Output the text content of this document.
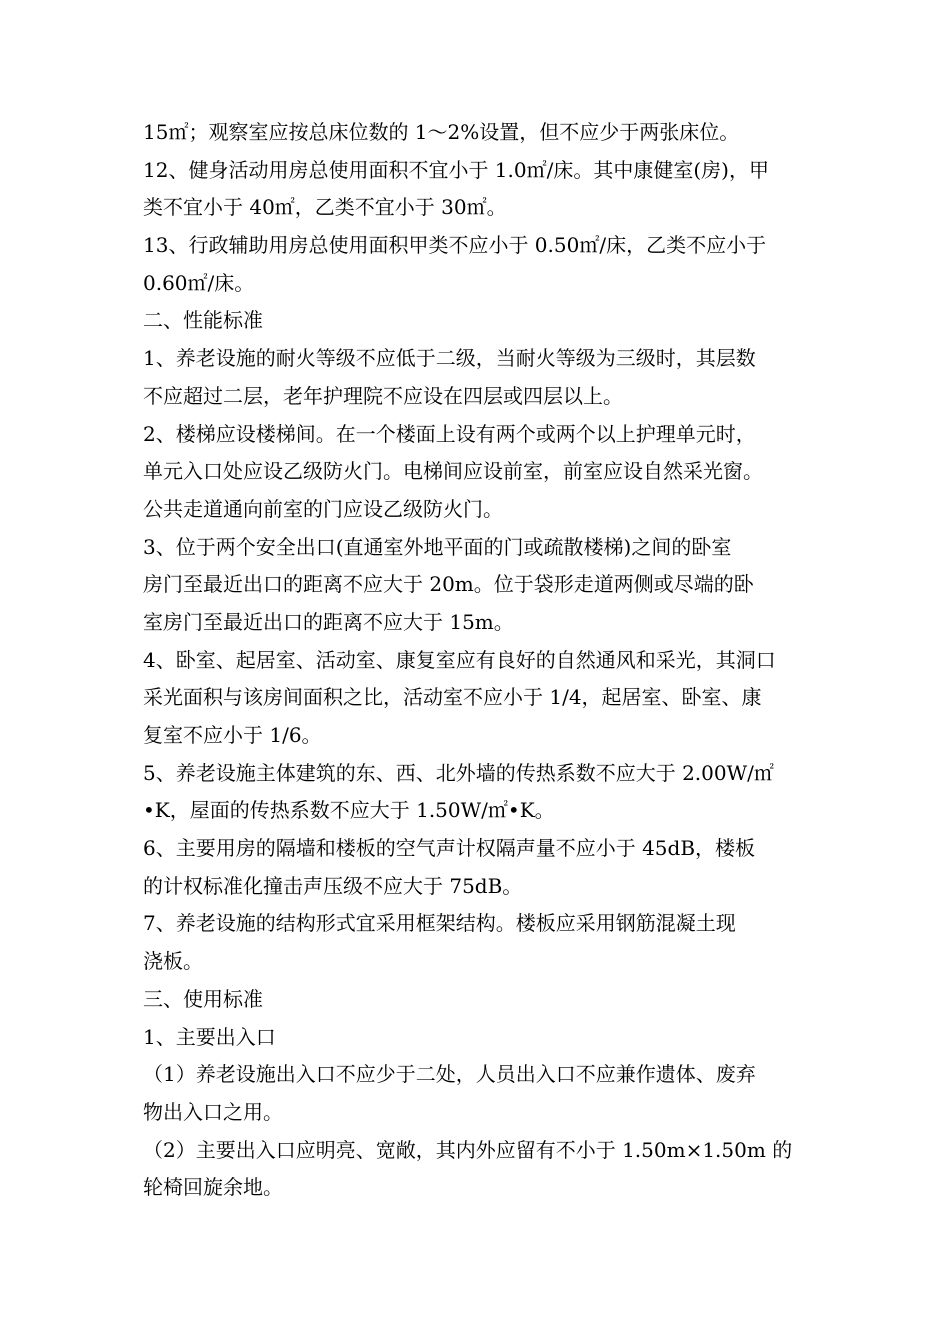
15㎡；观察室应按总床位数的 1～2%设置，但不应少于两张床位。
12、健身活动用房总使用面积不宜小于 1.0㎡/床。其中康健室(房)，甲
类不宜小于 40㎡，乙类不宜小于 30㎡。
13、行政辅助用房总使用面积甲类不应小于 0.50㎡/床，乙类不应小于
0.60㎡/床。
二、性能标准
1、养老设施的耐火等级不应低于二级，当耐火等级为三级时，其层数
不应超过二层，老年护理院不应设在四层或四层以上。
2、楼梯应设楼梯间。在一个楼面上设有两个或两个以上护理单元时，
单元入口处应设乙级防火门。电梯间应设前室，前室应设自然采光窗。
公共走道通向前室的门应设乙级防火门。
3、位于两个安全出口(直通室外地平面的门或疏散楼梯)之间的卧室
房门至最近出口的距离不应大于 20m。位于袋形走道两侧或尽端的卧
室房门至最近出口的距离不应大于 15m。
4、卧室、起居室、活动室、康复室应有良好的自然通风和采光，其洞口
采光面积与该房间面积之比，活动室不应小于 1/4，起居室、卧室、康
复室不应小于 1/6。
5、养老设施主体建筑的东、西、北外墙的传热系数不应大于 2.00W/㎡
•K，屋面的传热系数不应大于 1.50W/㎡•K。
6、主要用房的隔墙和楼板的空气声计权隔声量不应小于 45dB，楼板
的计权标准化撞击声压级不应大于 75dB。
7、养老设施的结构形式宜采用框架结构。楼板应采用钢筋混凝土现
浇板。
三、使用标准
1、主要出入口
（1）养老设施出入口不应少于二处，人员出入口不应兼作遗体、废弃
物出入口之用。
（2）主要出入口应明亮、宽敞，其内外应留有不小于 1.50m×1.50m 的
轮椅回旋余地。
